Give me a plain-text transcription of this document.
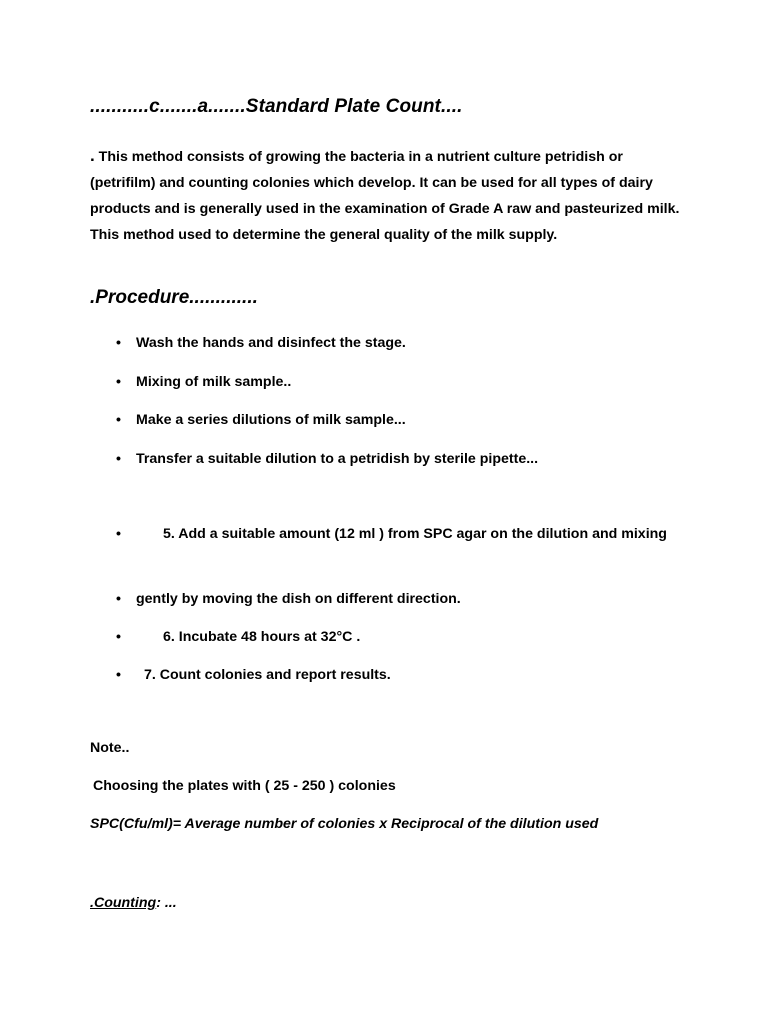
...........c.......a.......Standard Plate Count....
. This method consists of growing the bacteria in a nutrient culture petridish or (petrifilm) and counting colonies which develop. It can be used for all types of dairy products and is generally used in the examination of Grade A raw and pasteurized milk. This method used to determine the general quality of the milk supply.
.Procedure.............
•	Wash the hands and disinfect the stage.
•	Mixing of milk sample..
•	Make a series dilutions of milk sample...
•	Transfer a suitable dilution to a petridish by sterile pipette...
•	5. Add a suitable amount (12 ml ) from SPC agar on the dilution and mixing
•	gently by moving the dish on different direction.
•	6. Incubate 48 hours at 32°C .
•	7. Count colonies and report results.
Note..
Choosing the plates with ( 25 - 250 ) colonies
SPC(Cfu/ml)= Average number of colonies x Reciprocal of the dilution used
.Counting: ...
